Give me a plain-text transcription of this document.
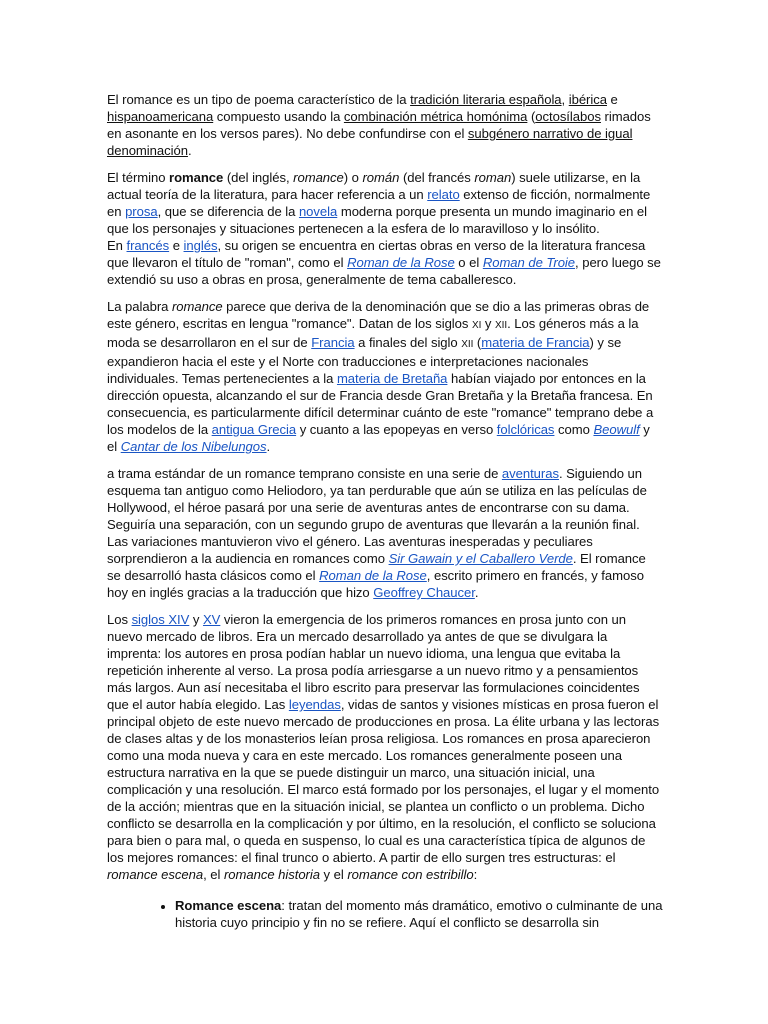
El romance es un tipo de poema característico de la tradición literaria española, ibérica e hispanoamericana compuesto usando la combinación métrica homónima (octosílabos rimados en asonante en los versos pares). No debe confundirse con el subgénero narrativo de igual denominación.

El término romance (del inglés, romance) o román (del francés roman) suele utilizarse, en la actual teoría de la literatura, para hacer referencia a un relato extenso de ficción, normalmente en prosa, que se diferencia de la novela moderna porque presenta un mundo imaginario en el que los personajes y situaciones pertenecen a la esfera de lo maravilloso y lo insólito.
En francés e inglés, su origen se encuentra en ciertas obras en verso de la literatura francesa que llevaron el título de "roman", como el Roman de la Rose o el Roman de Troie, pero luego se extendió su uso a obras en prosa, generalmente de tema caballeresco.

La palabra romance parece que deriva de la denominación que se dio a las primeras obras de este género, escritas en lengua "romance". Datan de los siglos XI y XII. Los géneros más a la moda se desarrollaron en el sur de Francia a finales del siglo XII (materia de Francia) y se expandieron hacia el este y el Norte con traducciones e interpretaciones nacionales individuales. Temas pertenecientes a la materia de Bretaña habían viajado por entonces en la dirección opuesta, alcanzando el sur de Francia desde Gran Bretaña y la Bretaña francesa. En consecuencia, es particularmente difícil determinar cuánto de este "romance" temprano debe a los modelos de la antigua Grecia y cuanto a las epopeyas en verso folclóricas como Beowulf y el Cantar de los Nibelungos.

a trama estándar de un romance temprano consiste en una serie de aventuras. Siguiendo un esquema tan antiguo como Heliodoro, ya tan perdurable que aún se utiliza en las películas de Hollywood, el héroe pasará por una serie de aventuras antes de encontrarse con su dama. Seguiría una separación, con un segundo grupo de aventuras que llevarán a la reunión final. Las variaciones mantuvieron vivo el género. Las aventuras inesperadas y peculiares sorprendieron a la audiencia en romances como Sir Gawain y el Caballero Verde. El romance se desarrolló hasta clásicos como el Roman de la Rose, escrito primero en francés, y famoso hoy en inglés gracias a la traducción que hizo Geoffrey Chaucer.

Los siglos XIV y XV vieron la emergencia de los primeros romances en prosa junto con un nuevo mercado de libros. Era un mercado desarrollado ya antes de que se divulgara la imprenta: los autores en prosa podían hablar un nuevo idioma, una lengua que evitaba la repetición inherente al verso. La prosa podía arriesgarse a un nuevo ritmo y a pensamientos más largos. Aun así necesitaba el libro escrito para preservar las formulaciones coincidentes que el autor había elegido. Las leyendas, vidas de santos y visiones místicas en prosa fueron el principal objeto de este nuevo mercado de producciones en prosa. La élite urbana y las lectoras de clases altas y de los monasterios leían prosa religiosa. Los romances en prosa aparecieron como una moda nueva y cara en este mercado. Los romances generalmente poseen una estructura narrativa en la que se puede distinguir un marco, una situación inicial, una complicación y una resolución. El marco está formado por los personajes, el lugar y el momento de la acción; mientras que en la situación inicial, se plantea un conflicto o un problema. Dicho conflicto se desarrolla en la complicación y por último, en la resolución, el conflicto se soluciona para bien o para mal, o queda en suspenso, lo cual es una característica típica de algunos de los mejores romances: el final trunco o abierto. A partir de ello surgen tres estructuras: el romance escena, el romance historia y el romance con estribillo:

• Romance escena: tratan del momento más dramático, emotivo o culminante de una historia cuyo principio y fin no se refiere. Aquí el conflicto se desarrolla sin
